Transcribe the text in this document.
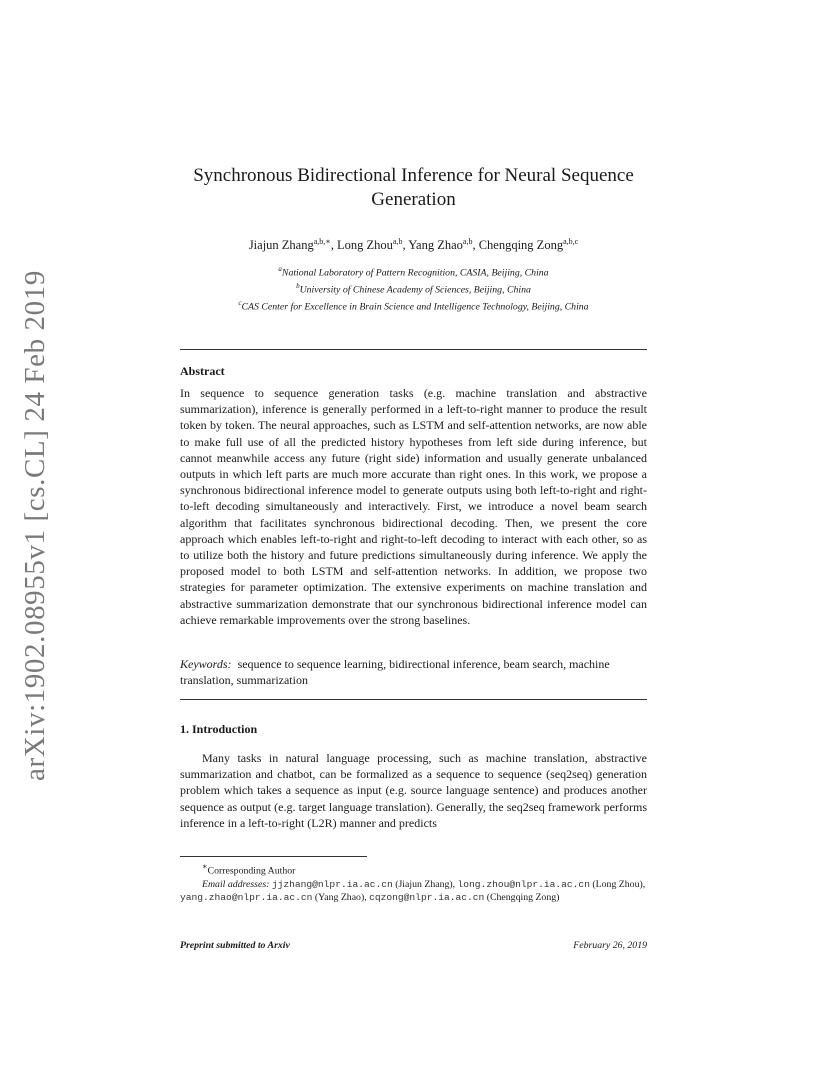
arXiv:1902.08955v1 [cs.CL] 24 Feb 2019
Synchronous Bidirectional Inference for Neural Sequence Generation
Jiajun Zhang$^{a,b,∗}$, Long Zhou$^{a,b}$, Yang Zhao$^{a,b}$, Chengqing Zong$^{a,b,c}$
$^a$National Laboratory of Pattern Recognition, CASIA, Beijing, China
$^b$University of Chinese Academy of Sciences, Beijing, China
$^c$CAS Center for Excellence in Brain Science and Intelligence Technology, Beijing, China
Abstract
In sequence to sequence generation tasks (e.g. machine translation and abstractive summarization), inference is generally performed in a left-to-right manner to produce the result token by token. The neural approaches, such as LSTM and self-attention networks, are now able to make full use of all the predicted history hypotheses from left side during inference, but cannot meanwhile access any future (right side) information and usually generate unbalanced outputs in which left parts are much more accurate than right ones. In this work, we propose a synchronous bidirectional inference model to generate outputs using both left-to-right and right-to-left decoding simultaneously and interactively. First, we introduce a novel beam search algorithm that facilitates synchronous bidirectional decoding. Then, we present the core approach which enables left-to-right and right-to-left decoding to interact with each other, so as to utilize both the history and future predictions simultaneously during inference. We apply the proposed model to both LSTM and self-attention networks. In addition, we propose two strategies for parameter optimization. The extensive experiments on machine translation and abstractive summarization demonstrate that our synchronous bidirectional inference model can achieve remarkable improvements over the strong baselines.
Keywords: sequence to sequence learning, bidirectional inference, beam search, machine translation, summarization
1. Introduction
Many tasks in natural language processing, such as machine translation, abstractive summarization and chatbot, can be formalized as a sequence to sequence (seq2seq) generation problem which takes a sequence as input (e.g. source language sentence) and produces another sequence as output (e.g. target language translation). Generally, the seq2seq framework performs inference in a left-to-right (L2R) manner and predicts

∗Corresponding Author

Email addresses: jjzhang@nlpr.ia.ac.cn (Jiajun Zhang), long.zhou@nlpr.ia.ac.cn (Long Zhou), yang.zhao@nlpr.ia.ac.cn (Yang Zhao), cqzong@nlpr.ia.ac.cn (Chengqing Zong)

Preprint submitted to Arxiv	February 26, 2019
